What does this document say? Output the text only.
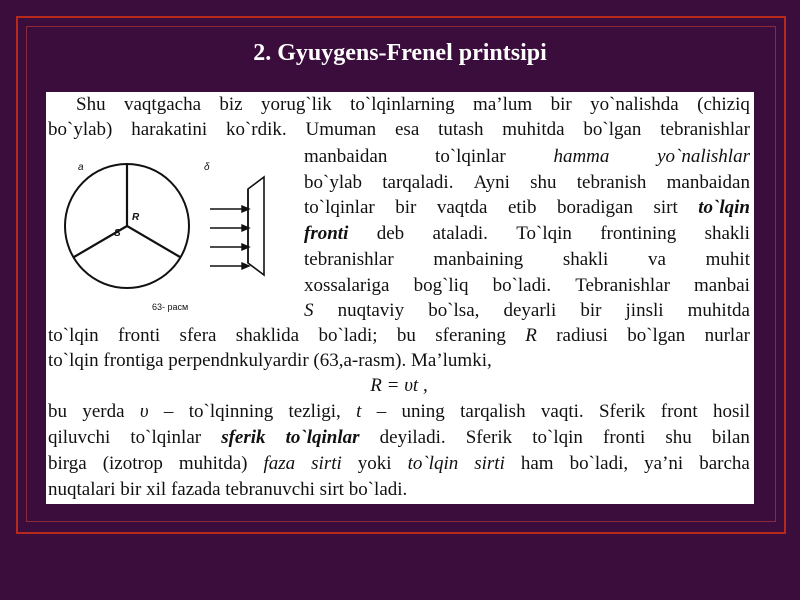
2. Gyuygens-Frenel printsipi
a	δ
R
S
63- расм
Shu vaqtgacha biz yorug`lik to`lqinlarning ma’lum bir yo`nalishda (chiziq
bo`ylab) harakatini ko`rdik. Umuman esa tutash muhitda bo`lgan tebranishlar
manbaidan	to`lqinlar	hamma	yo`nalishlar
bo`ylab tarqaladi. Ayni shu tebranish manbaidan
to`lqinlar bir vaqtda etib boradigan sirt to`lqin
fronti deb ataladi. To`lqin frontining shakli
tebranishlar manbaining shakli va muhit
xossalariga bog`liq bo`ladi. Tebranishlar manbai
S nuqtaviy bo`lsa, deyarli bir jinsli muhitda
to`lqin fronti sfera shaklida bo`ladi; bu sferaning R radiusi bo`lgan nurlar
to`lqin frontiga perpendnkulyardir (63,a-rasm). Ma’lumki,
R = υt ,
bu yerda υ – to`lqinning tezligi, t – uning tarqalish vaqti. Sferik front hosil
qiluvchi to`lqinlar sferik to`lqinlar deyiladi. Sferik to`lqin fronti shu bilan
birga (izotrop muhitda) faza sirti yoki to`lqin sirti ham bo`ladi, ya’ni barcha
nuqtalari bir xil fazada tebranuvchi sirt bo`ladi.
